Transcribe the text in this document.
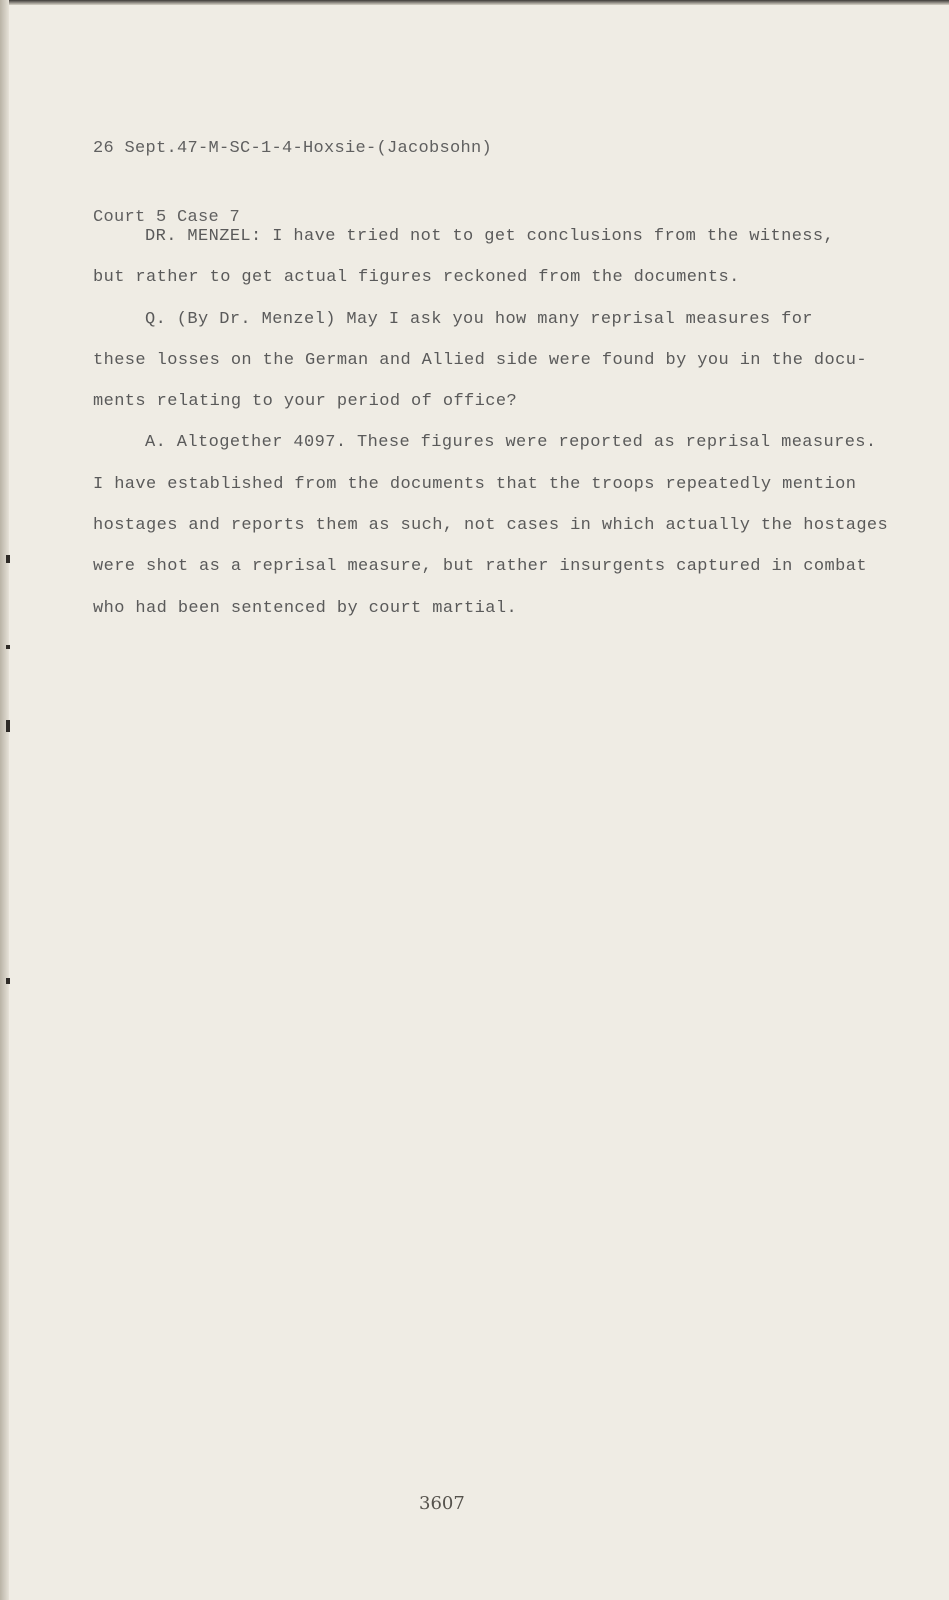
26 Sept.47-M-SC-1-4-Hoxsie-(Jacobsohn)

Court 5 Case 7

DR. MENZEL: I have tried not to get conclusions from the witness,
but rather to get actual figures reckoned from the documents.
Q. (By Dr. Menzel) May I ask you how many reprisal measures for
these losses on the German and Allied side were found by you in the docu-
ments relating to your period of office?
A. Altogether 4097. These figures were reported as reprisal measures.
I have established from the documents that the troops repeatedly mention
hostages and reports them as such, not cases in which actually the hostages
were shot as a reprisal measure, but rather insurgents captured in combat
who had been sentenced by court martial.
3607
